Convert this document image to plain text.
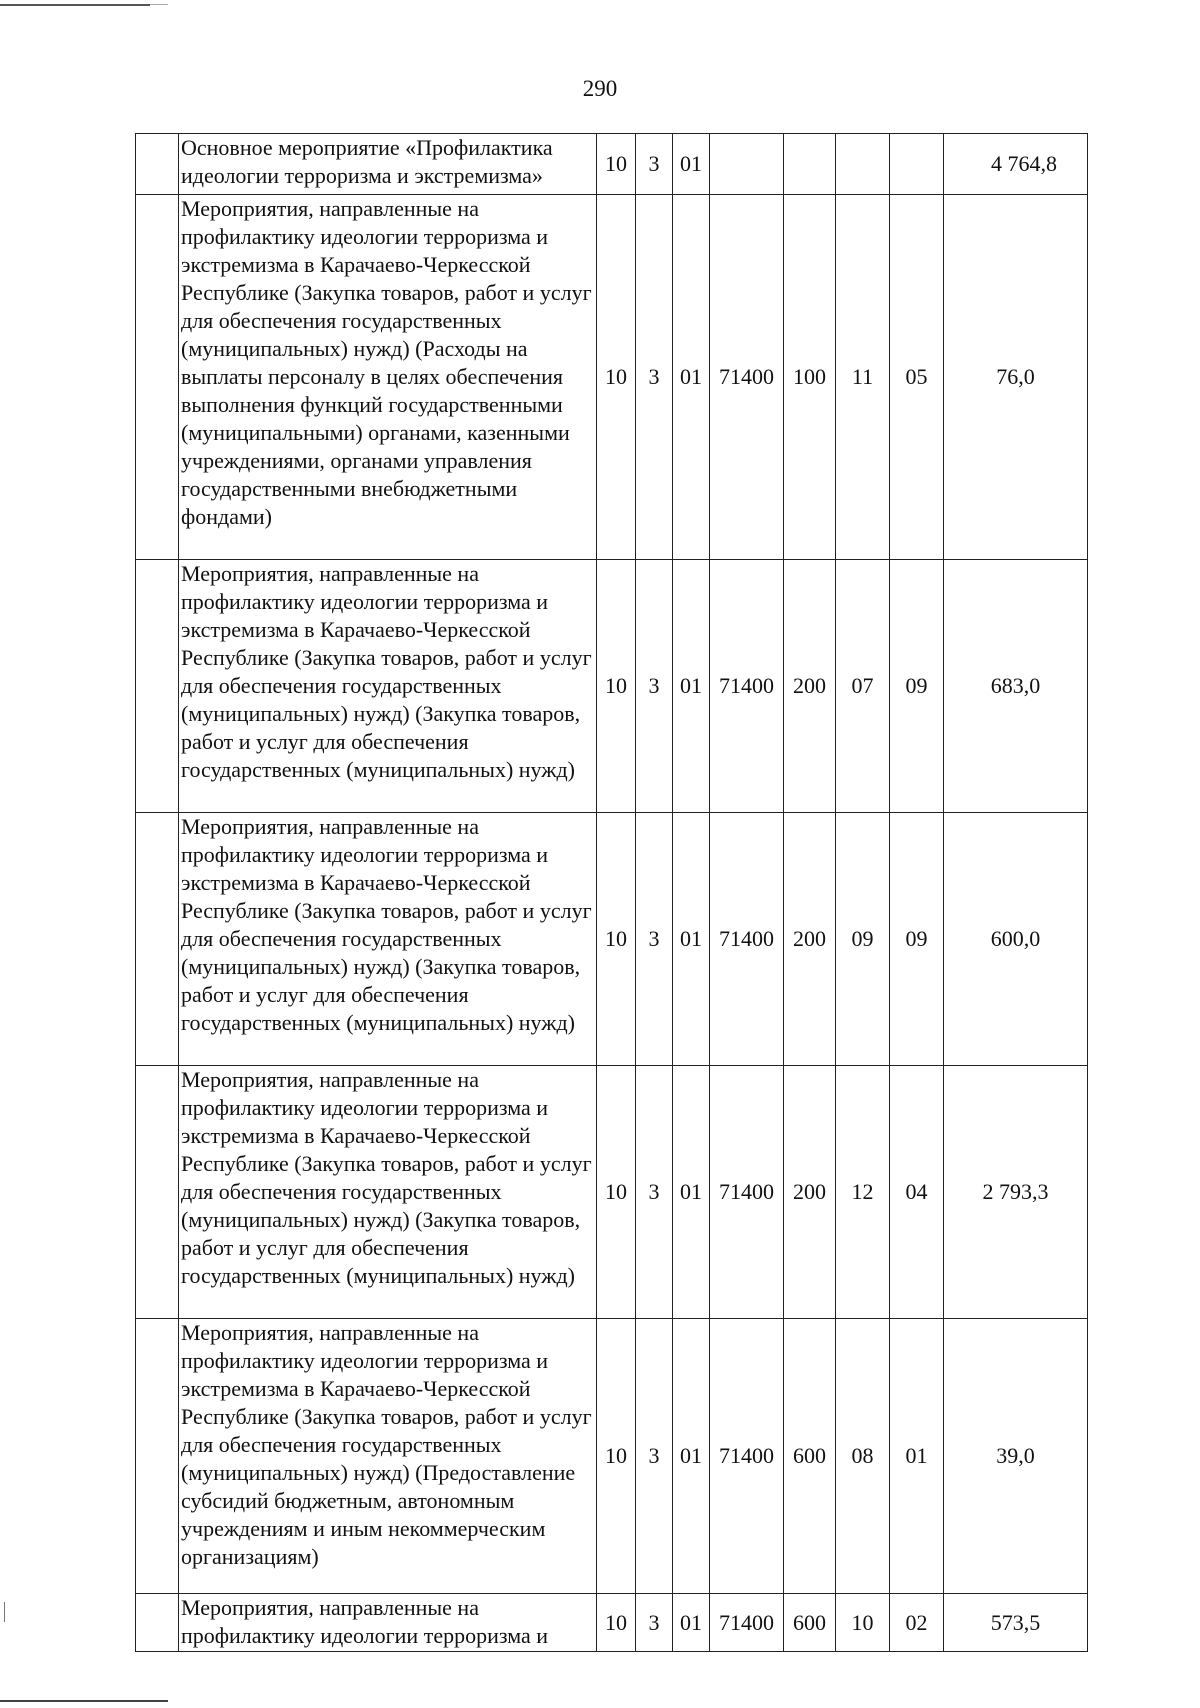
290
	Основное мероприятие «Профилактика идеологии терроризма и экстремизма»	10	3	01					4 764,8
	Мероприятия, направленные на профилактику идеологии терроризма и экстремизма в Карачаево-Черкесской Республике (Закупка товаров, работ и услуг для обеспечения государственных (муниципальных) нужд) (Расходы на выплаты персоналу в целях обеспечения выполнения функций государственными (муниципальными) органами, казенными учреждениями, органами управления государственными внебюджетными фондами)	10	3	01	71400	100	11	05	76,0
	Мероприятия, направленные на профилактику идеологии терроризма и экстремизма в Карачаево-Черкесской Республике (Закупка товаров, работ и услуг для обеспечения государственных (муниципальных) нужд) (Закупка товаров, работ и услуг для обеспечения государственных (муниципальных) нужд)	10	3	01	71400	200	07	09	683,0
	Мероприятия, направленные на профилактику идеологии терроризма и экстремизма в Карачаево-Черкесской Республике (Закупка товаров, работ и услуг для обеспечения государственных (муниципальных) нужд) (Закупка товаров, работ и услуг для обеспечения государственных (муниципальных) нужд)	10	3	01	71400	200	09	09	600,0
	Мероприятия, направленные на профилактику идеологии терроризма и экстремизма в Карачаево-Черкесской Республике (Закупка товаров, работ и услуг для обеспечения государственных (муниципальных) нужд) (Закупка товаров, работ и услуг для обеспечения государственных (муниципальных) нужд)	10	3	01	71400	200	12	04	2 793,3
	Мероприятия, направленные на профилактику идеологии терроризма и экстремизма в Карачаево-Черкесской Республике (Закупка товаров, работ и услуг для обеспечения государственных (муниципальных) нужд) (Предоставление субсидий бюджетным, автономным учреждениям и иным некоммерческим организациям)	10	3	01	71400	600	08	01	39,0
	Мероприятия, направленные на профилактику идеологии терроризма и	10	3	01	71400	600	10	02	573,5
